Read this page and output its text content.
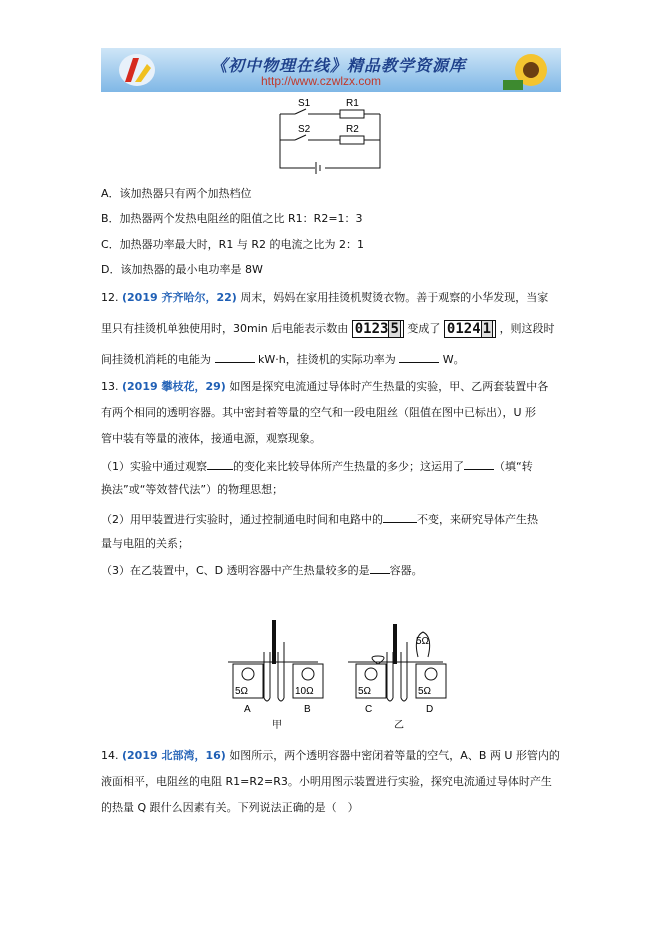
《初中物理在线》精品教学资源库
http://www.czwlzx.com
S1	R1
S2	R2
A．该加热器只有两个加热档位
B．加热器两个发热电阻丝的阻值之比 R1：R2=1：3
C．加热器功率最大时，R1 与 R2 的电流之比为 2：1
D．该加热器的最小电功率是 8W
12. (2019 齐齐哈尔，22) 周末，妈妈在家用挂烫机熨烫衣物。善于观察的小华发现，当家
里只有挂烫机单独使用时，30min 后电能表示数由 0123 5 变成了 0124 1 ，则这段时
间挂烫机消耗的电能为	kW·h，挂烫机的实际功率为	W。
13. (2019 攀枝花，29) 如图是探究电流通过导体时产生热量的实验，甲、乙两套装置中各
有两个相同的透明容器。其中密封着等量的空气和一段电阻丝（阻值在图中已标出），U 形
管中装有等量的液体，接通电源，观察现象。
（1）实验中通过观察 的变化来比较导体所产生热量的多少；这运用了	（填“转
换法”或“等效替代法”）的物理思想；
（2）用甲装置进行实验时，通过控制通电时间和电路中的	不变，来研究导体产生热
量与电阻的关系；
（3）在乙装置中，C、D 透明容器中产生热量较多的是 容器。
5Ω	10Ω	5Ω	5Ω
5Ω
A	B	C	D
甲	乙
14. (2019 北部湾，16) 如图所示，两个透明容器中密闭着等量的空气，A、B 两 U 形管内的
液面相平，电阻丝的电阻 R1=R2=R3。小明用图示装置进行实验，探究电流通过导体时产生
的热量 Q 跟什么因素有关。下列说法正确的是（　）
